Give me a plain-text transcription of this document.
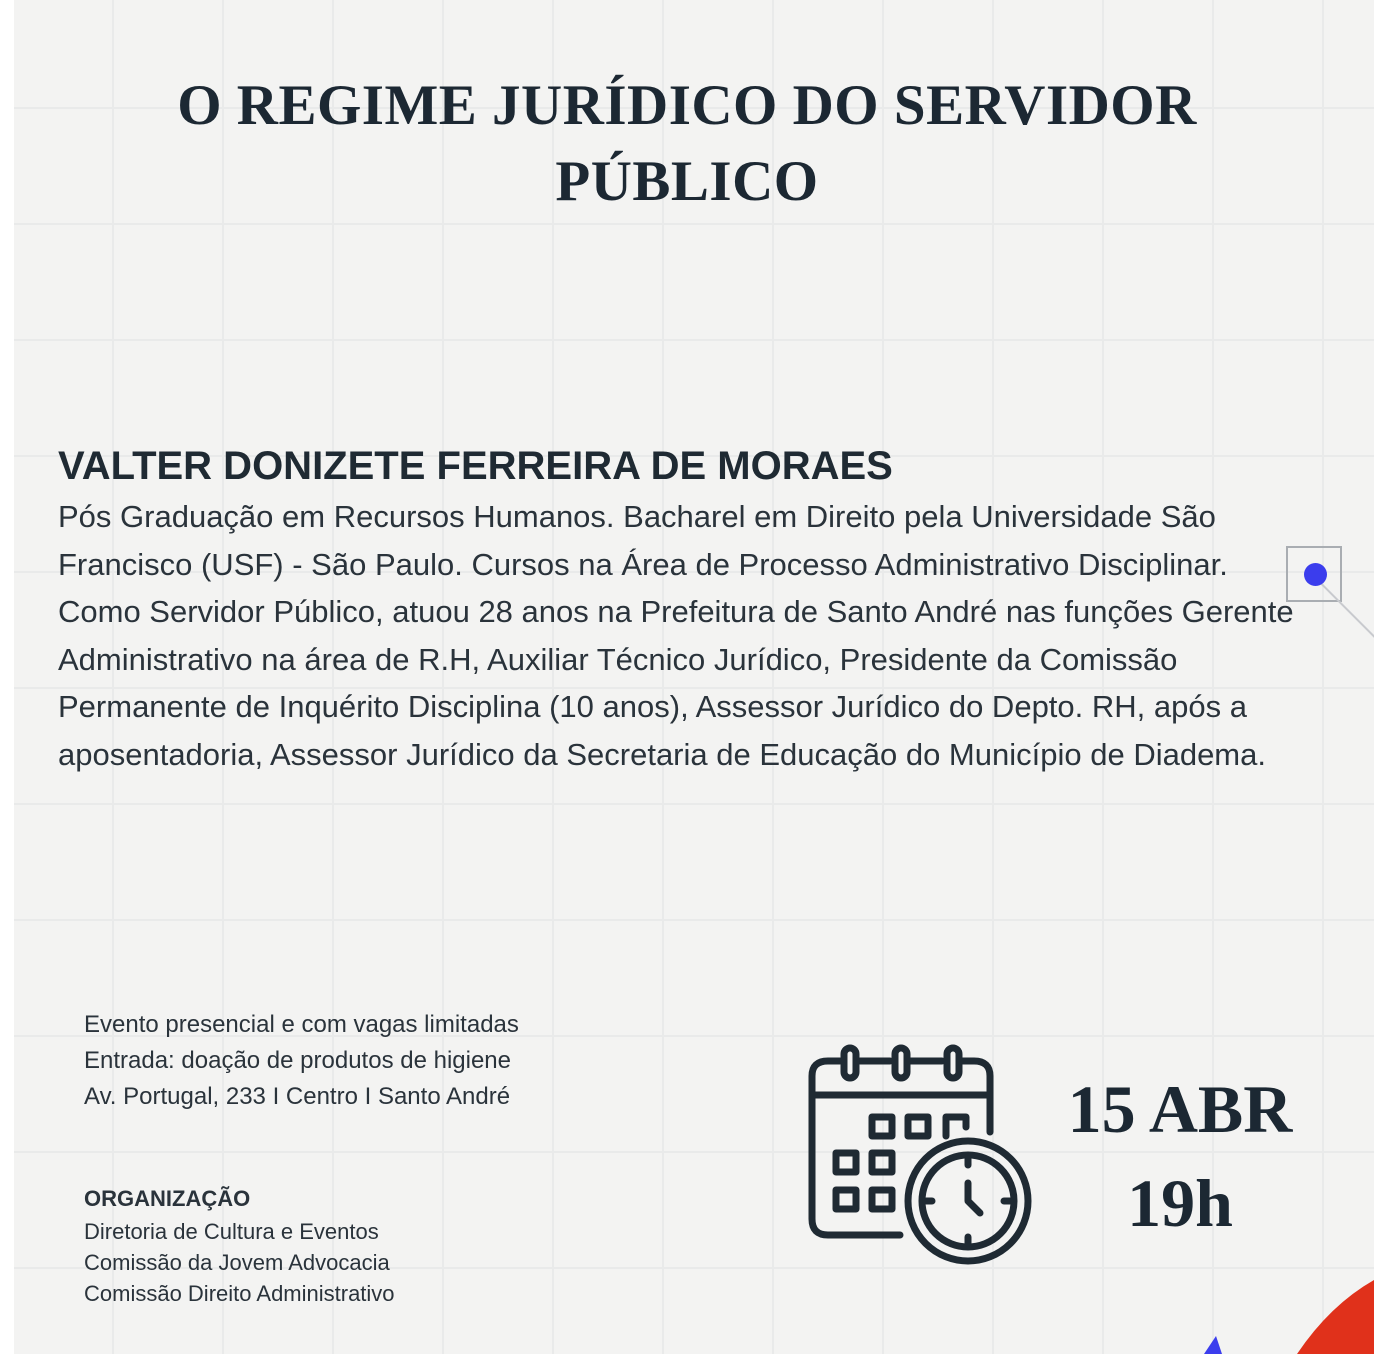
O REGIME JURÍDICO DO SERVIDOR
PÚBLICO
VALTER DONIZETE FERREIRA DE MORAES
Pós Graduação em Recursos Humanos. Bacharel em Direito pela Universidade São Francisco (USF) - São Paulo. Cursos na Área de Processo Administrativo Disciplinar. Como Servidor Público, atuou 28 anos na Prefeitura de Santo André nas funções Gerente Administrativo na área de R.H, Auxiliar Técnico Jurídico, Presidente da Comissão Permanente de Inquérito Disciplina (10 anos), Assessor Jurídico do Depto. RH, após a aposentadoria, Assessor Jurídico da Secretaria de Educação do Município de Diadema.
Evento presencial e com vagas limitadas
Entrada: doação de produtos de higiene
Av. Portugal, 233 I Centro I Santo André
ORGANIZAÇÃO
Diretoria de Cultura e Eventos
Comissão da Jovem Advocacia
Comissão Direito Administrativo
15 ABR
19h
